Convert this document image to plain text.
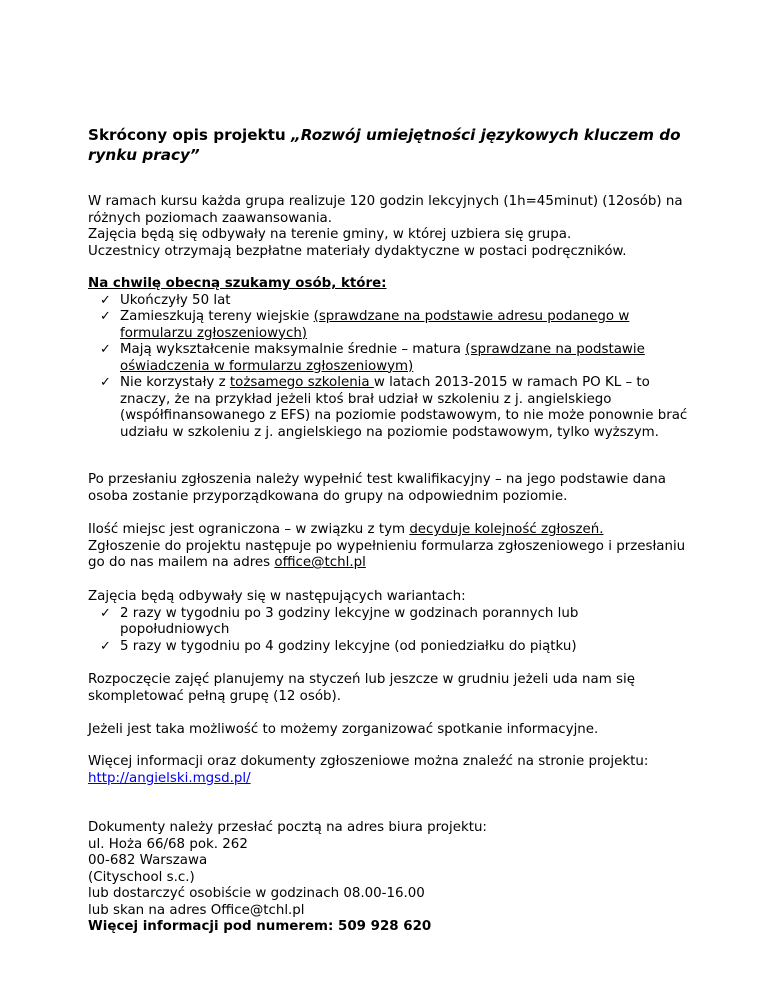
Skrócony opis projektu „Rozwój umiejętności językowych kluczem do rynku pracy”

W ramach kursu każda grupa realizuje 120 godzin lekcyjnych (1h=45minut) (12osób) na różnych poziomach zaawansowania.

Zajęcia będą się odbywały na terenie gminy, w której uzbiera się grupa.

Uczestnicy otrzymają bezpłatne materiały dydaktyczne w postaci podręczników.

Na chwilę obecną szukamy osób, które:

✓ Ukończyły 50 lat
✓ Zamieszkują tereny wiejskie (sprawdzane na podstawie adresu podanego w formularzu zgłoszeniowych)
✓ Mają wykształcenie maksymalnie średnie – matura (sprawdzane na podstawie oświadczenia w formularzu zgłoszeniowym)
✓ Nie korzystały z tożsamego szkolenia w latach 2013-2015 w ramach PO KL – to znaczy, że na przykład jeżeli ktoś brał udział w szkoleniu z j. angielskiego (współfinansowanego z EFS) na poziomie podstawowym, to nie może ponownie brać udziału w szkoleniu z j. angielskiego na poziomie podstawowym, tylko wyższym.

Po przesłaniu zgłoszenia należy wypełnić test kwalifikacyjny – na jego podstawie dana osoba zostanie przyporządkowana do grupy na odpowiednim poziomie.

Ilość miejsc jest ograniczona – w związku z tym decyduje kolejność zgłoszeń.

Zgłoszenie do projektu następuje po wypełnieniu formularza zgłoszeniowego i przesłaniu go do nas mailem na adres office@tchl.pl

Zajęcia będą odbywały się w następujących wariantach:

✓ 2 razy w tygodniu po 3 godziny lekcyjne w godzinach porannych lub popołudniowych
✓ 5 razy w tygodniu po 4 godziny lekcyjne (od poniedziałku do piątku)

Rozpoczęcie zajęć planujemy na styczeń lub jeszcze w grudniu jeżeli uda nam się skompletować pełną grupę (12 osób).

Jeżeli jest taka możliwość to możemy zorganizować spotkanie informacyjne.

Więcej informacji oraz dokumenty zgłoszeniowe można znaleźć na stronie projektu:

http://angielski.mgsd.pl/

Dokumenty należy przesłać pocztą na adres biura projektu:

ul. Hoża 66/68 pok. 262

00-682 Warszawa

(Cityschool s.c.)

lub dostarczyć osobiście w godzinach 08.00-16.00

lub skan na adres Office@tchl.pl

Więcej informacji pod numerem: 509 928 620
